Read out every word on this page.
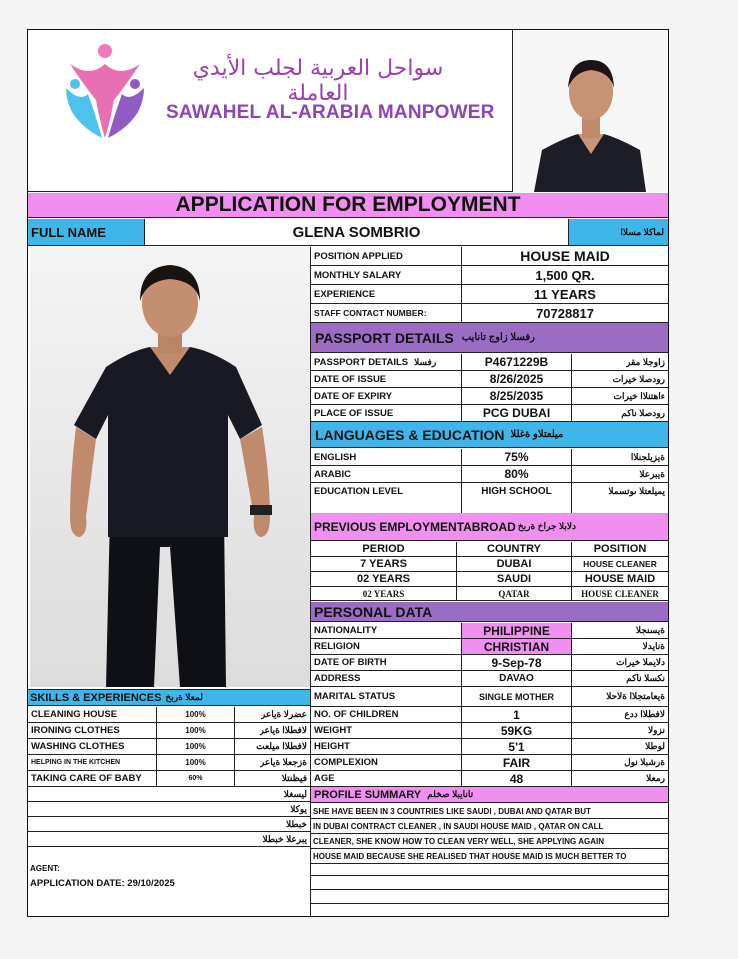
سواحل العربية لجلب الأيدي العاملة
SAWAHEL AL-ARABIA MANPOWER
APPLICATION FOR EMPLOYMENT
FULL NAME	GLENA SOMBRIO	لماكلا مسلاا
POSITION APPLIED	HOUSE MAID
MONTHLY SALARY	1,500 QR.
EXPERIENCE	11 YEARS
STAFF CONTACT NUMBER:	70728817
PASSPORT DETAILS رفسلا زاوج تانايب
PASSPORT DETAILS رفسلا	P4671229B	زاوجلا مقر
DATE OF ISSUE	8/26/2025	رودصلا خيرات
DATE OF EXPIRY	8/25/2035	ءاهتنلاا خيرات
PLACE OF ISSUE	PCG DUBAI	رودصلا ناكم
LANGUAGES & EDUCATION ميلعتلاو ةغللا
ENGLISH	75%	ةيزيلجنلاا
ARABIC	80%	ةيبرعلا
EDUCATION LEVEL	HIGH SCHOOL	يميلعتلا ىوتسملا
PREVIOUS EMPLOYMENTABROAD دلابلا جراخ ةربخ
PERIOD	COUNTRY	POSITION
7 YEARS	DUBAI	HOUSE CLEANER
02 YEARS	SAUDI	HOUSE MAID
02 YEARS	QATAR	HOUSE CLEANER
PERSONAL DATA
NATIONALITY	PHILIPPINE	ةيسنجلا
RELIGION	CHRISTIAN	ةنايدلا
DATE OF BIRTH	9-Sep-78	دلايملا خيرات
ADDRESS	DAVAO	نكسلا ناكم
MARITAL STATUS	SINGLE MOTHER	ةيعامتجلاا ةلاحلا
NO. OF CHILDREN	1	لافطلاا ددع
WEIGHT	59KG	نزولا
HEIGHT	5'1	لوطلا
COMPLEXION	FAIR	ةرشبلا نول
AGE	48	رمعلا
PROFILE SUMMARY تانايبلا صخلم
SHE HAVE BEEN IN 3 COUNTRIES LIKE SAUDI , DUBAI AND QATAR BUT
IN DUBAI CONTRACT CLEANER , IN SAUDI HOUSE MAID , QATAR ON CALL
CLEANER, SHE KNOW HOW TO CLEAN VERY WELL, SHE APPLYING AGAIN
HOUSE MAID BECAUSE SHE REALISED THAT HOUSE MAID IS MUCH BETTER TO
SKILLS & EXPERIENCES لمعلا ةربخ
CLEANING HOUSE	100%	عضرلا ةياعر
IRONING CLOTHES	100%	لافطلاا ةياعر
WASHING CLOTHES	100%	لافطلاا ميلعت
HELPING IN THE KITCHEN	100%	ةزجعلا ةياعر
TAKING CARE OF BABY	60%	فيظنتلا
ليسغلا
يوكلا
خبطلا
يبرعلا خبطلا
AGENT:
APPLICATION DATE: 29/10/2025
